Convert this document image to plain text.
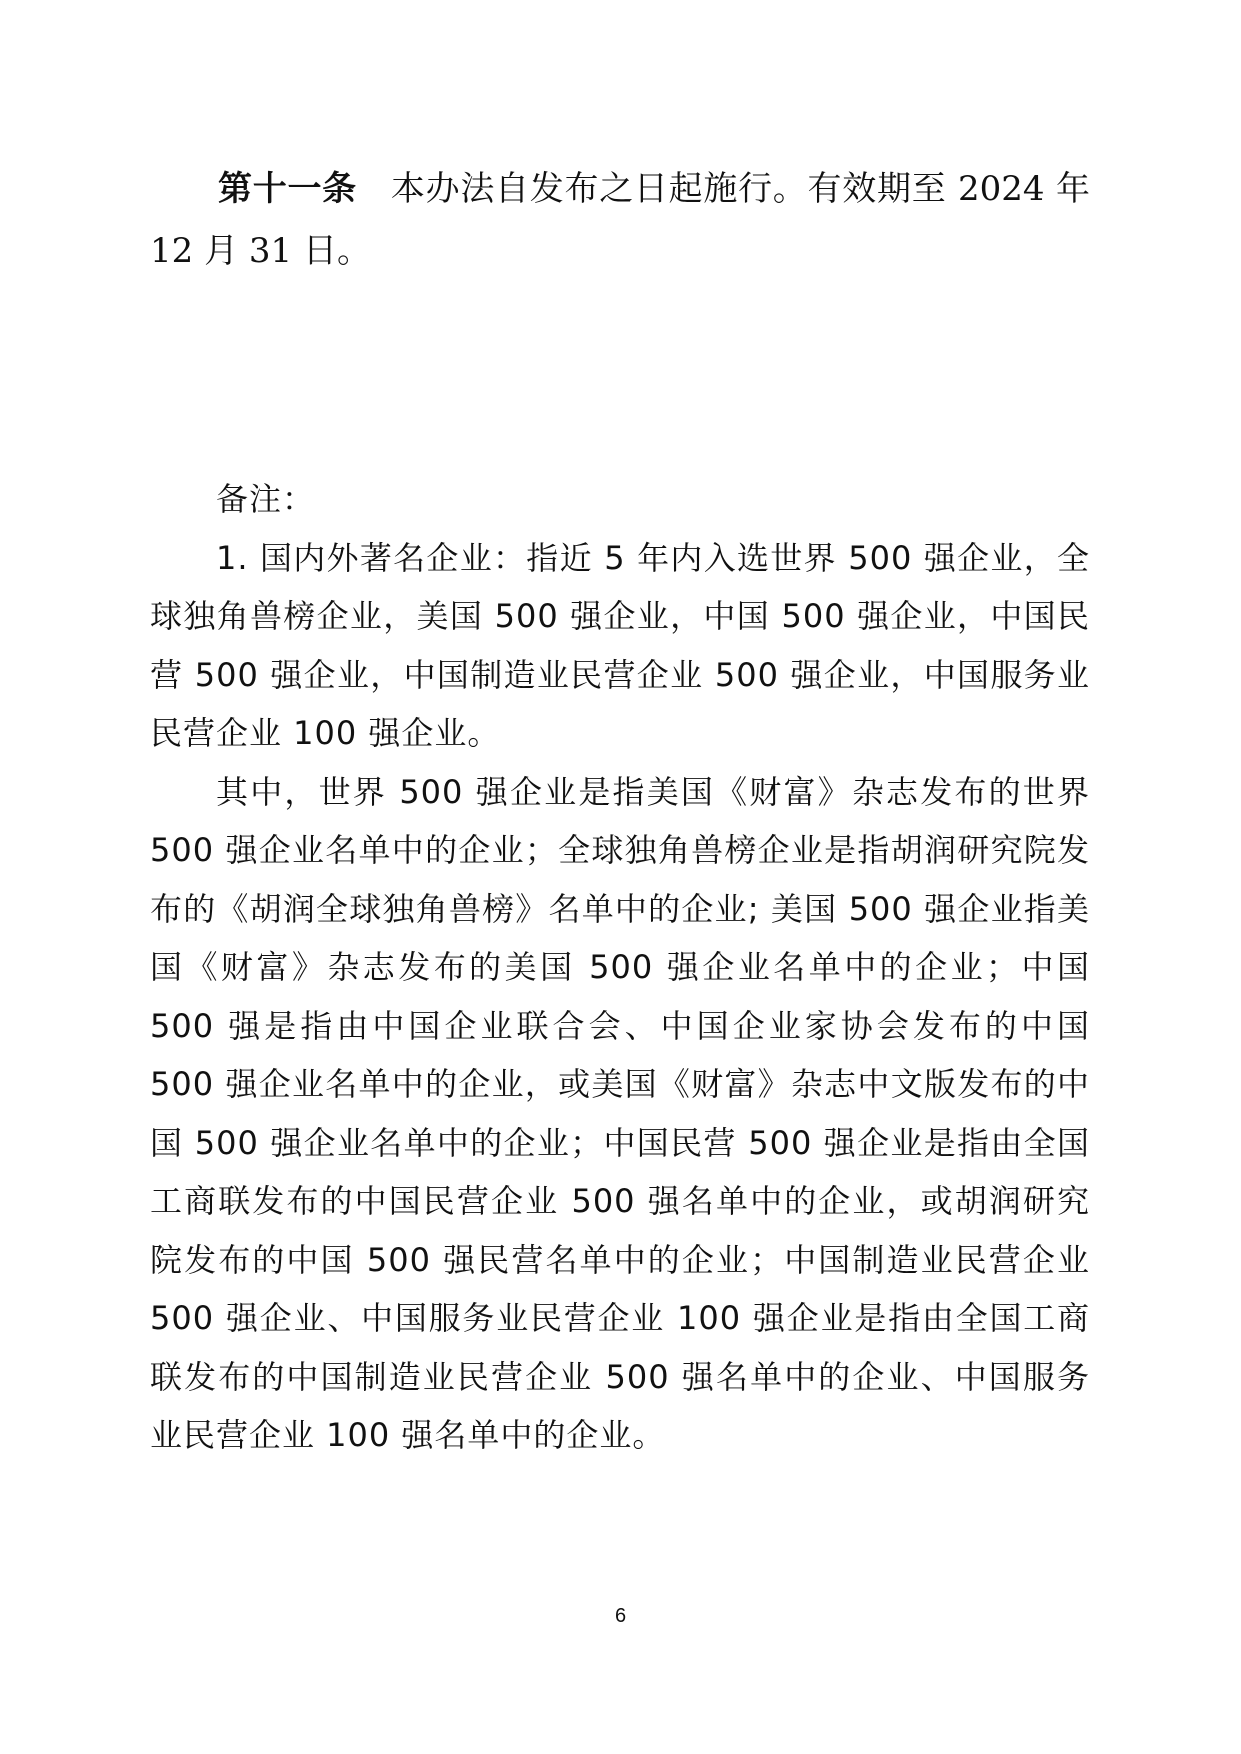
第十一条 本办法自发布之日起施行。有效期至 2024 年 12 月 31 日。

备注：

1. 国内外著名企业：指近 5 年内入选世界 500 强企业，全球独角兽榜企业，美国 500 强企业，中国 500 强企业，中国民营 500 强企业，中国制造业民营企业 500 强企业，中国服务业民营企业 100 强企业。

其中，世界 500 强企业是指美国《财富》杂志发布的世界 500 强企业名单中的企业；全球独角兽榜企业是指胡润研究院发布的《胡润全球独角兽榜》名单中的企业; 美国 500 强企业指美国《财富》杂志发布的美国 500 强企业名单中的企业；中国 500 强是指由中国企业联合会、中国企业家协会发布的中国 500 强企业名单中的企业，或美国《财富》杂志中文版发布的中国 500 强企业名单中的企业；中国民营 500 强企业是指由全国工商联发布的中国民营企业 500 强名单中的企业，或胡润研究院发布的中国 500 强民营名单中的企业；中国制造业民营企业 500 强企业、中国服务业民营企业 100 强企业是指由全国工商联发布的中国制造业民营企业 500 强名单中的企业、中国服务业民营企业 100 强名单中的企业。

6
